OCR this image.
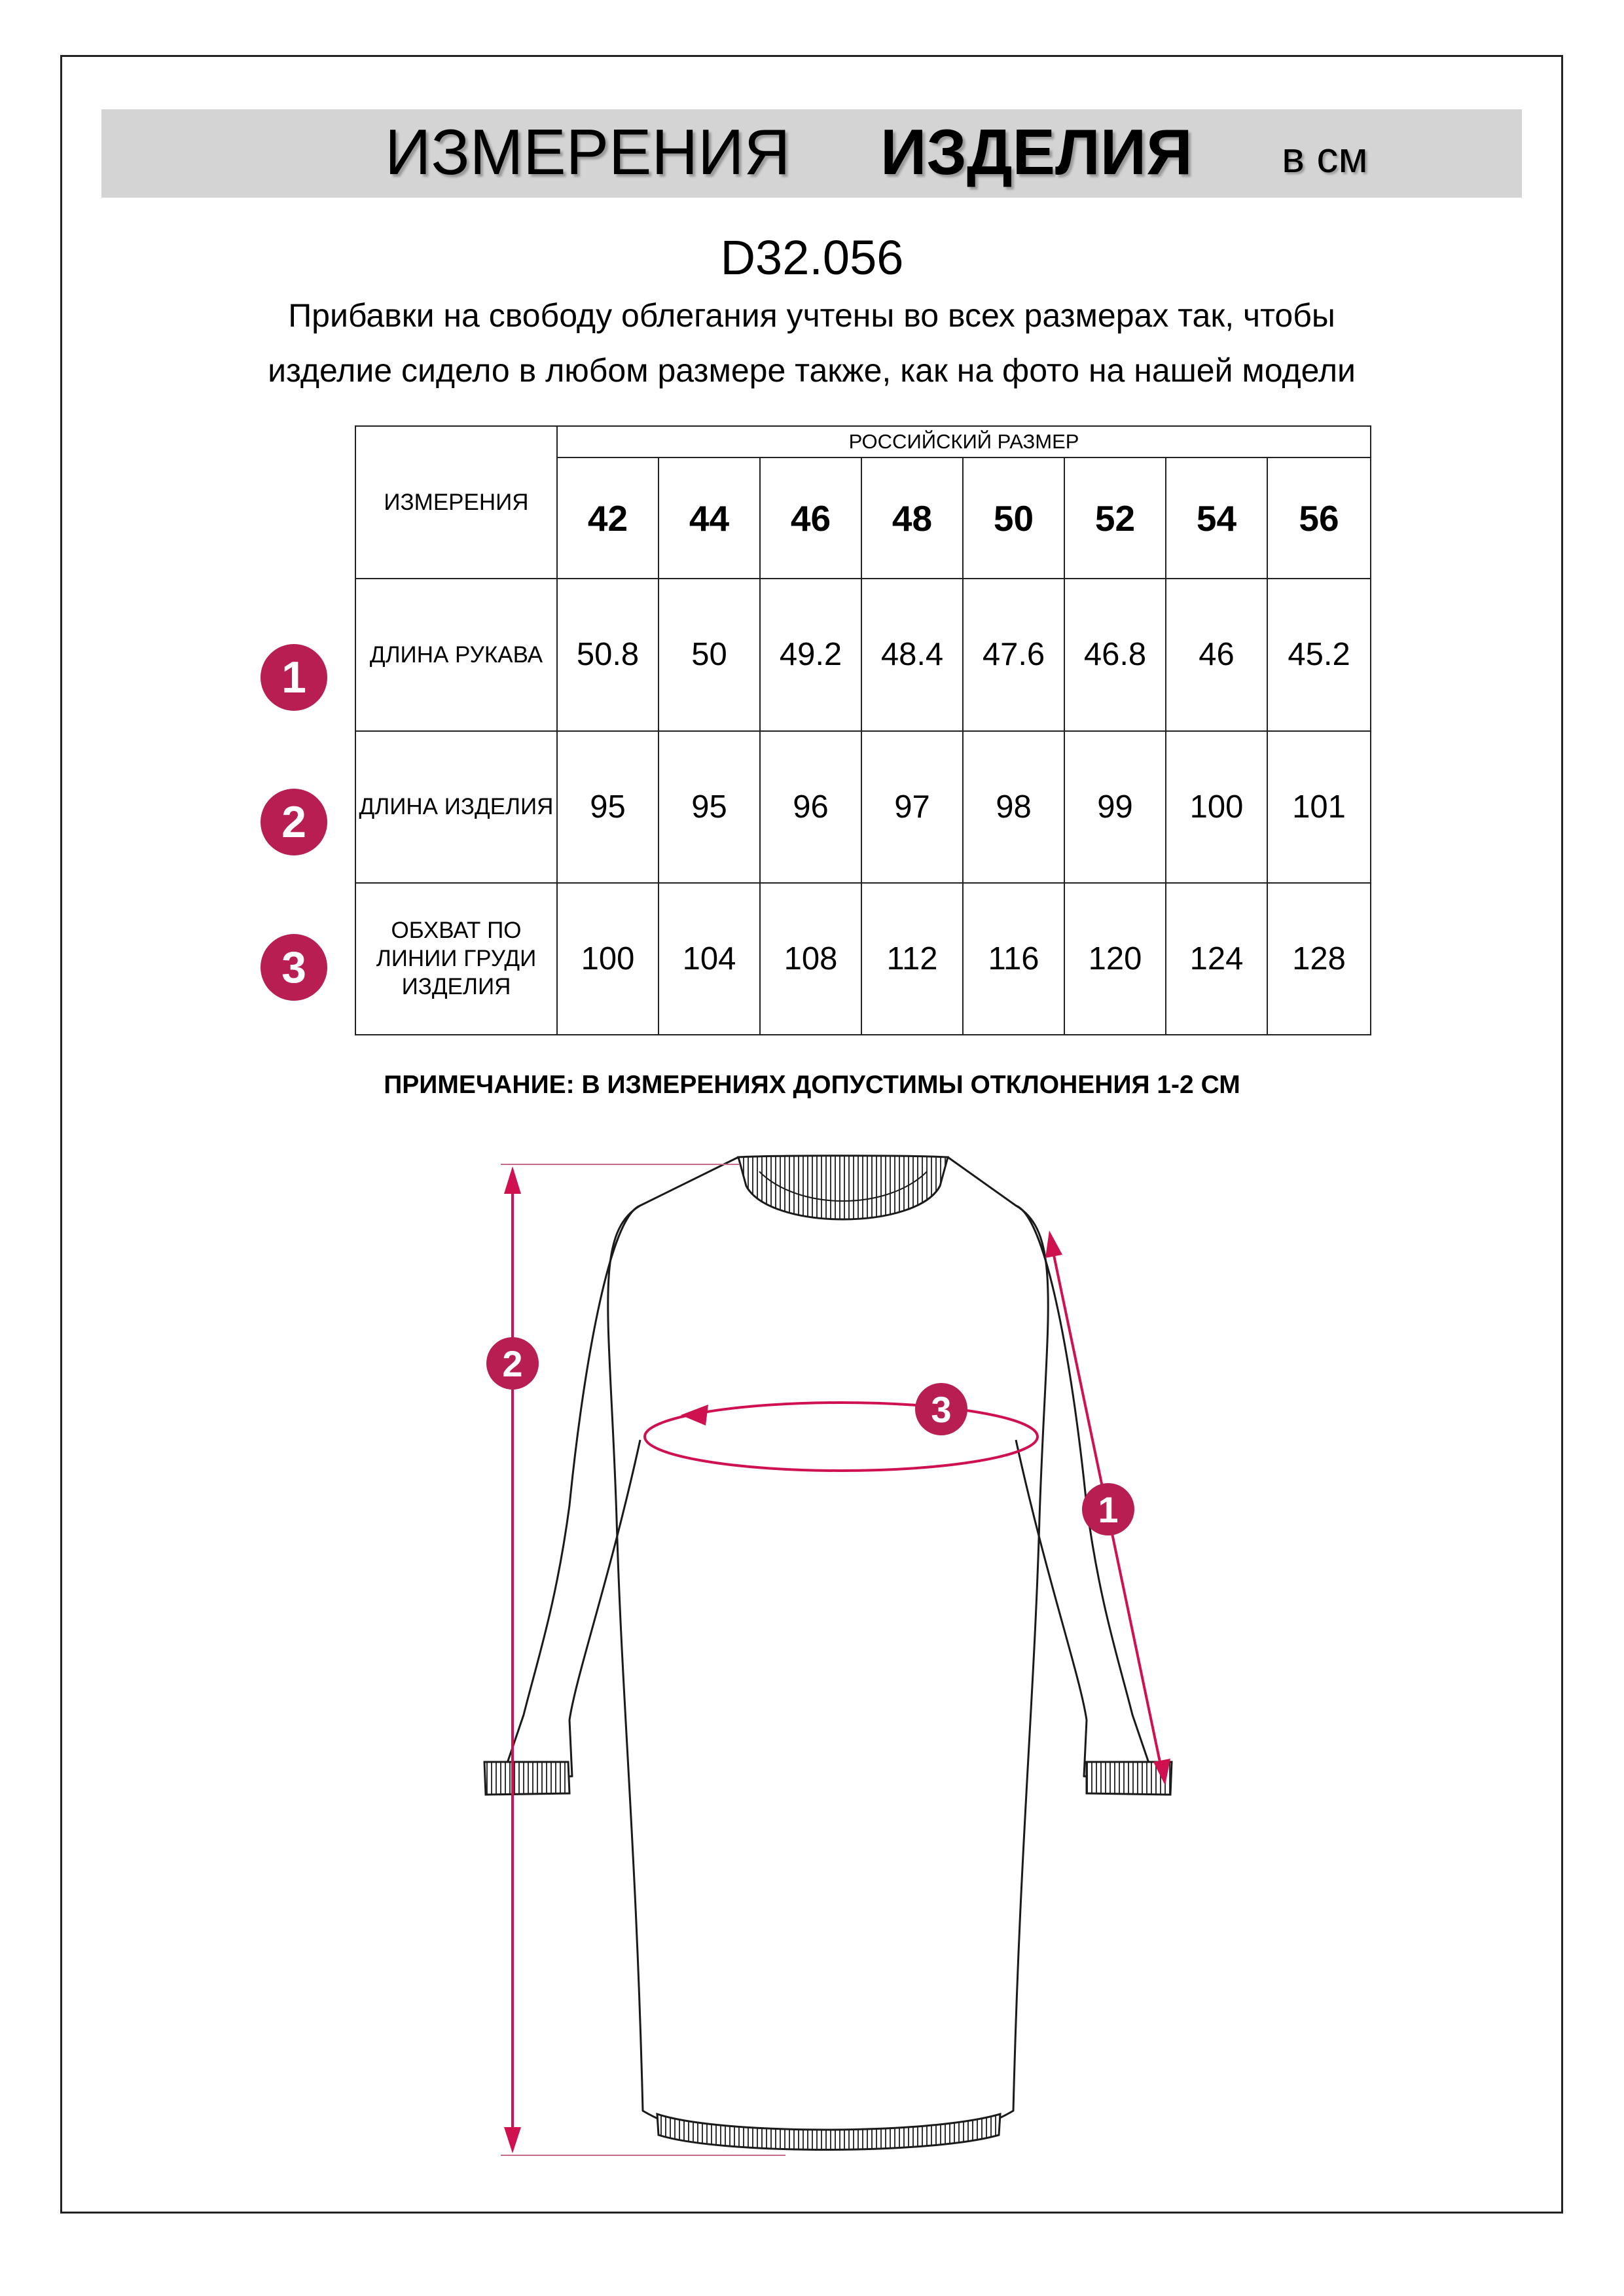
ИЗМЕРЕНИЯ ИЗДЕЛИЯ в см
D32.056
Прибавки на свободу облегания учтены во всех размерах так, чтобы изделие сидело в любом размере также, как на фото на нашей модели
ИЗМЕРЕНИЯ	РОССИЙСКИЙ РАЗМЕР							
	42	44	46	48	50	52	54	56
ДЛИНА РУКАВА	50.8	50	49.2	48.4	47.6	46.8	46	45.2
ДЛИНА ИЗДЕЛИЯ	95	95	96	97	98	99	100	101
ОБХВАТ ПО ЛИНИИ ГРУДИ ИЗДЕЛИЯ	100	104	108	112	116	120	124	128
1
2
3
ПРИМЕЧАНИЕ: В ИЗМЕРЕНИЯХ ДОПУСТИМЫ ОТКЛОНЕНИЯ 1-2 СМ
2
3
1
